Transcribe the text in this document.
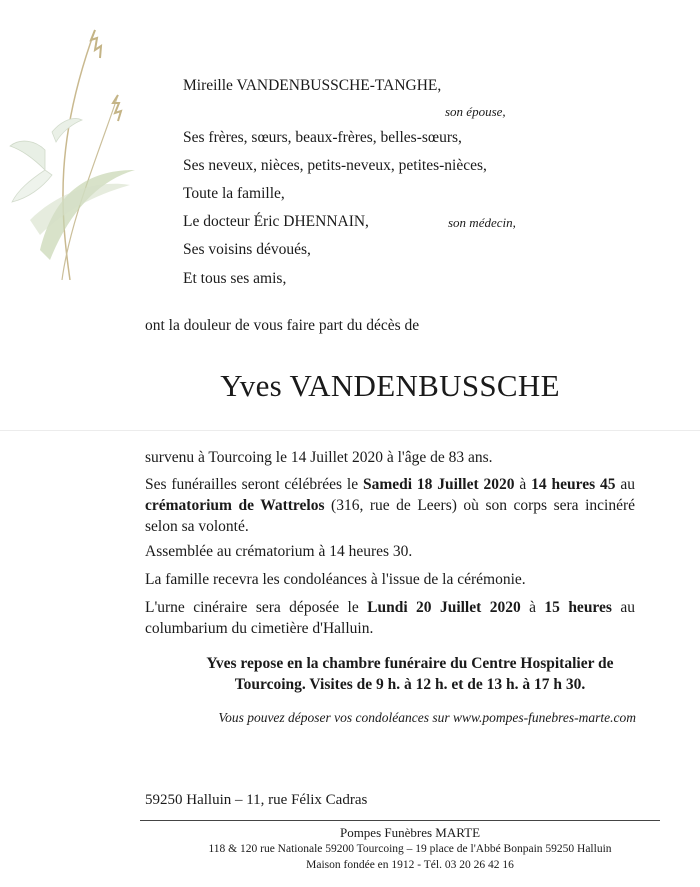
Mireille VANDENBUSSCHE-TANGHE,
son épouse,
Ses frères, sœurs, beaux-frères, belles-sœurs,
Ses neveux, nièces, petits-neveux, petites-nièces,
Toute la famille,
Le docteur Éric DHENNAIN,	son médecin,
Ses voisins dévoués,
Et tous ses amis,
ont la douleur de vous faire part du décès de
Yves VANDENBUSSCHE
survenu à Tourcoing le 14 Juillet 2020 à l'âge de 83 ans.
Ses funérailles seront célébrées le Samedi 18 Juillet 2020 à 14 heures 45 au crématorium de Wattrelos (316, rue de Leers) où son corps sera incinéré selon sa volonté.
Assemblée au crématorium à 14 heures 30.
La famille recevra les condoléances à l'issue de la cérémonie.
L'urne cinéraire sera déposée le Lundi 20 Juillet 2020 à 15 heures au columbarium du cimetière d'Halluin.
Yves repose en la chambre funéraire du Centre Hospitalier de
Tourcoing. Visites de 9 h. à 12 h. et de 13 h. à 17 h 30.
Vous pouvez déposer vos condoléances sur www.pompes-funebres-marte.com
59250 Halluin – 11, rue Félix Cadras
Pompes Funèbres MARTE
118 & 120 rue Nationale 59200 Tourcoing – 19 place de l'Abbé Bonpain 59250 Halluin
Maison fondée en 1912 - Tél. 03 20 26 42 16
